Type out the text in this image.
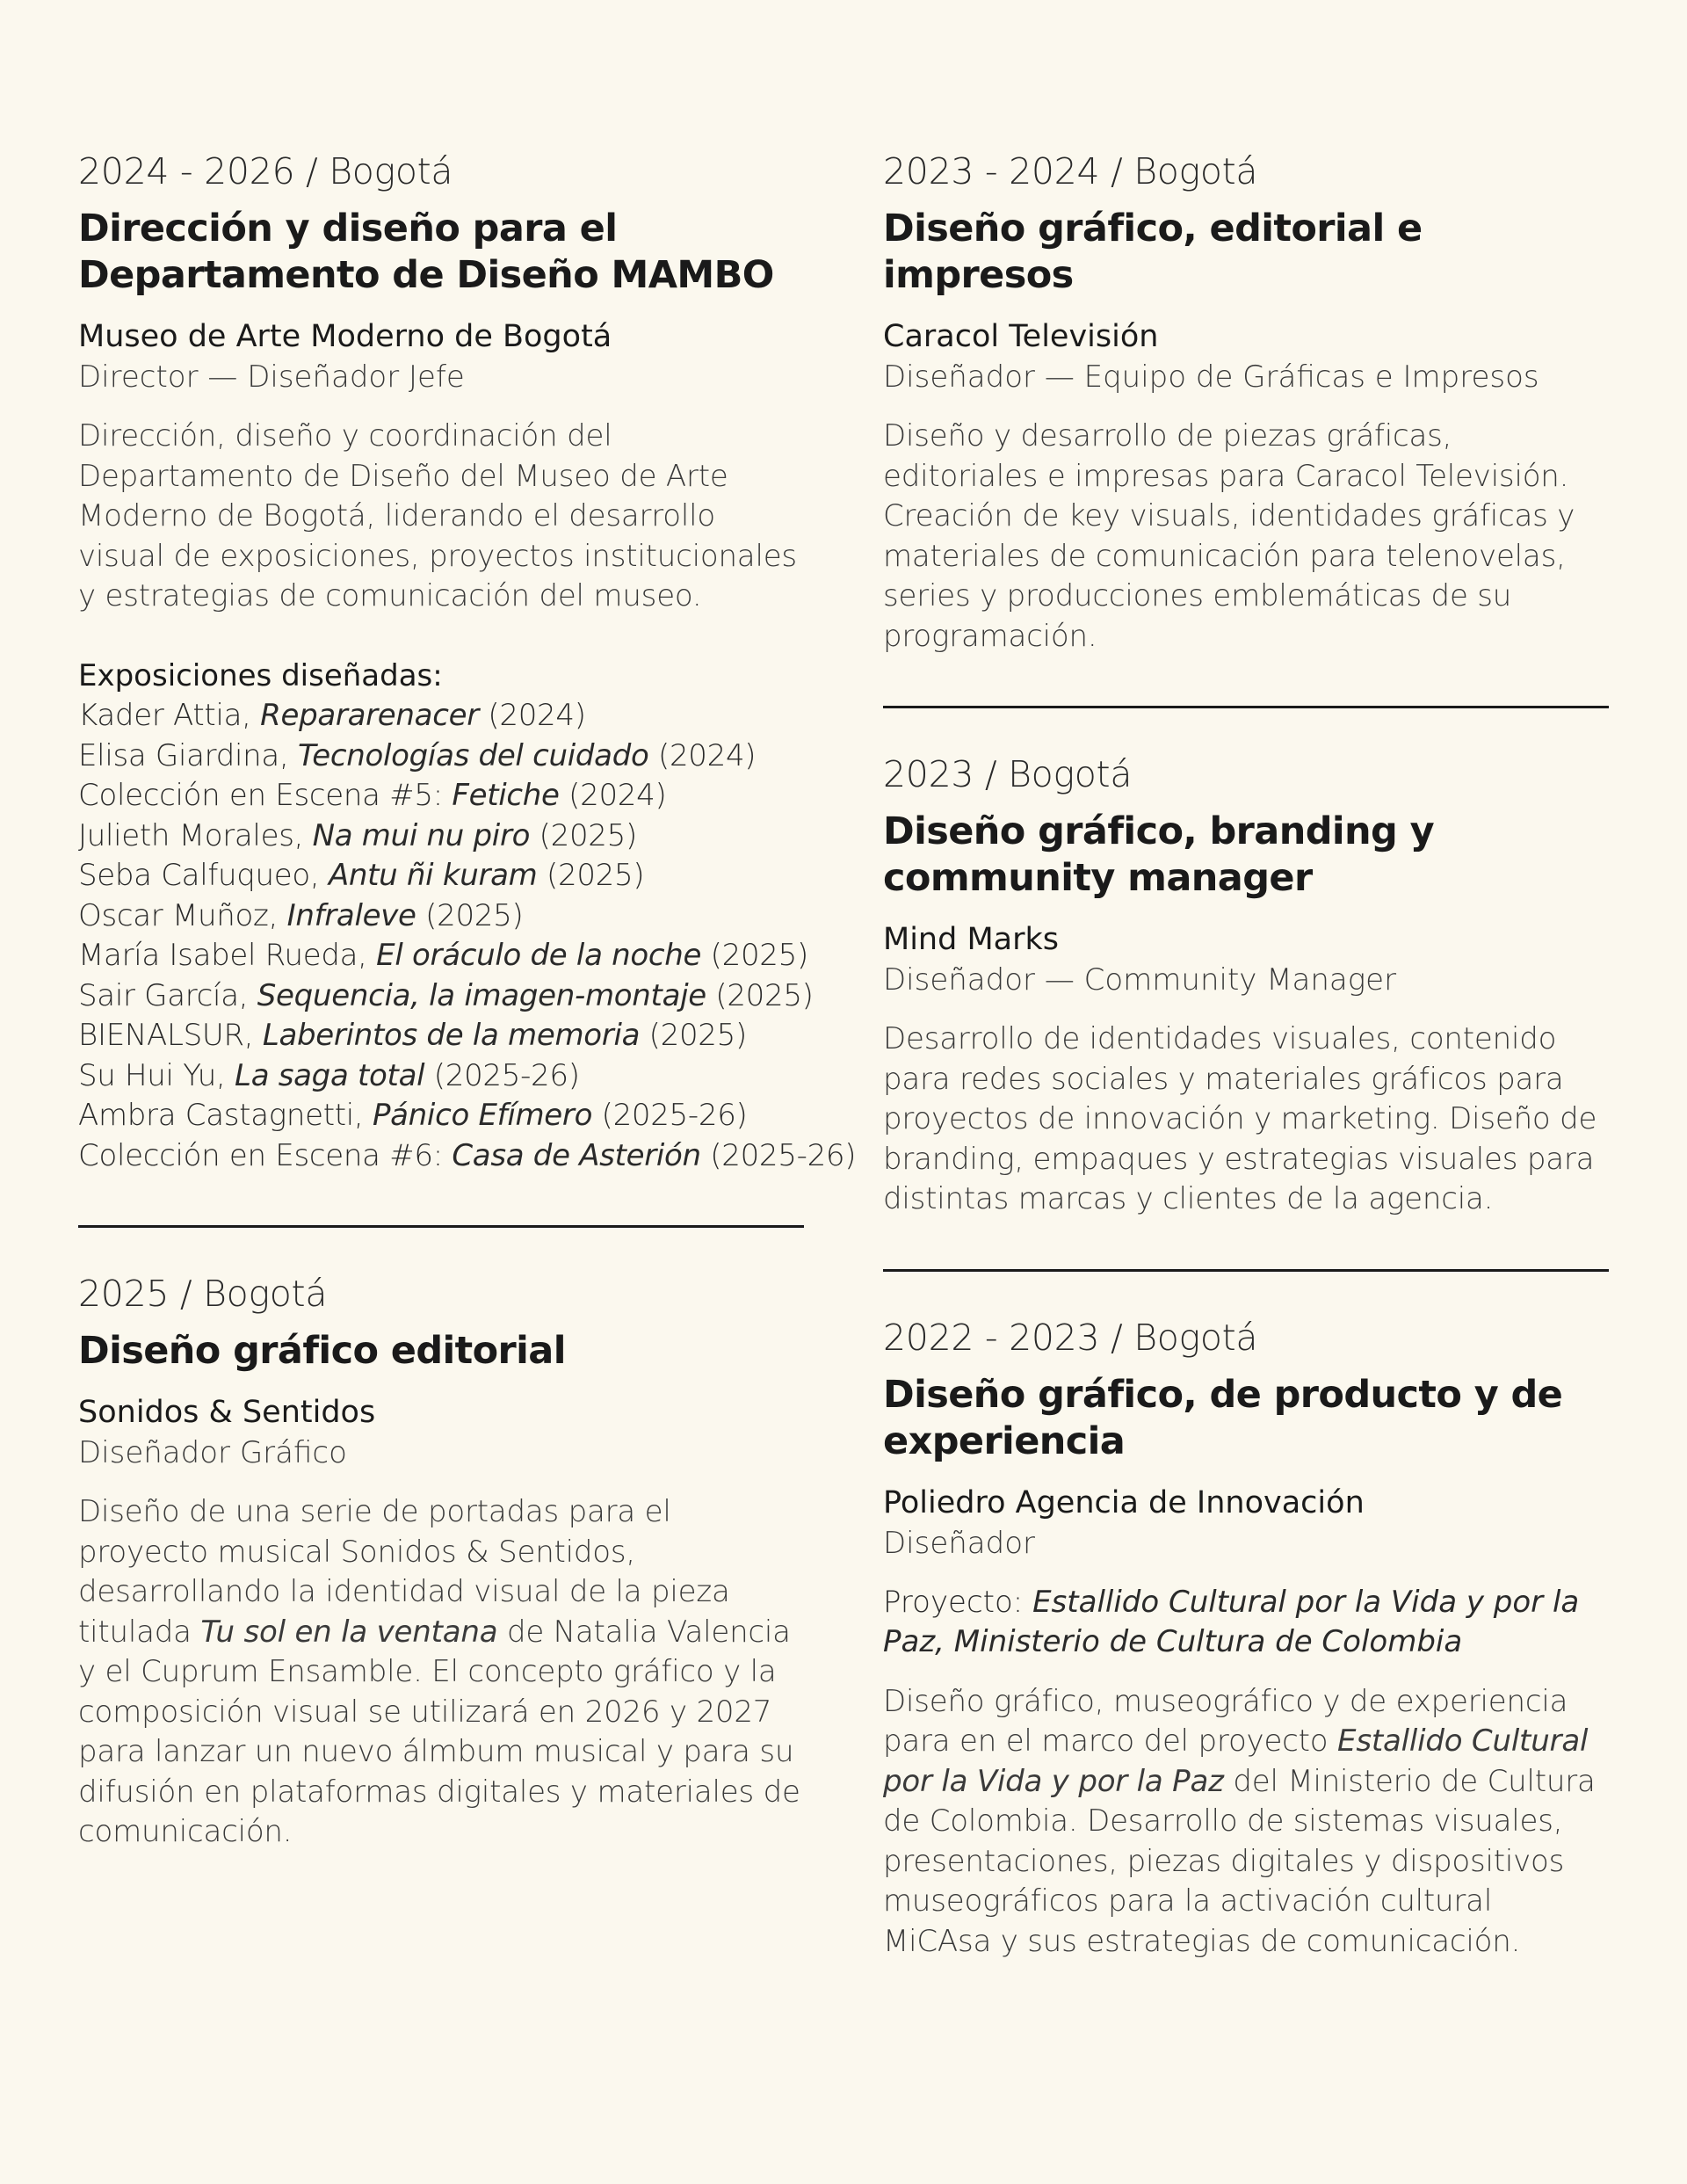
2024 - 2026 / Bogotá
Dirección y diseño para el
Departamento de Diseño MAMBO
Museo de Arte Moderno de Bogotá
Director — Diseñador Jefe
Dirección, diseño y coordinación del Departamento de Diseño del Museo de Arte Moderno de Bogotá, liderando el desarrollo visual de exposiciones, proyectos institucionales y estrategias de comunicación del museo.
Exposiciones diseñadas:
Kader Attia, Repararenacer (2024)
Elisa Giardina, Tecnologías del cuidado (2024)
Colección en Escena #5: Fetiche (2024)
Julieth Morales, Na mui nu piro (2025)
Seba Calfuqueo, Antu ñi kuram (2025)
Oscar Muñoz, Infraleve (2025)
María Isabel Rueda, El oráculo de la noche (2025)
Sair García, Sequencia, la imagen-montaje (2025)
BIENALSUR, Laberintos de la memoria (2025)
Su Hui Yu, La saga total (2025-26)
Ambra Castagnetti, Pánico Efímero (2025-26)
Colección en Escena #6: Casa de Asterión (2025-26)
2025 / Bogotá
Diseño gráfico editorial
Sonidos & Sentidos
Diseñador Gráfico
Diseño de una serie de portadas para el proyecto musical Sonidos & Sentidos, desarrollando la identidad visual de la pieza titulada Tu sol en la ventana de Natalia Valencia y el Cuprum Ensamble. El concepto gráfico y la composición visual se utilizará en 2026 y 2027 para lanzar un nuevo álmbum musical y para su difusión en plataformas digitales y materiales de comunicación.
2023 - 2024 / Bogotá
Diseño gráfico, editorial e impresos
Caracol Televisión
Diseñador — Equipo de Gráficas e Impresos
Diseño y desarrollo de piezas gráficas, editoriales e impresas para Caracol Televisión. Creación de key visuals, identidades gráficas y materiales de comunicación para telenovelas, series y producciones emblemáticas de su programación.
2023 / Bogotá
Diseño gráfico, branding y
community manager
Mind Marks
Diseñador — Community Manager
Desarrollo de identidades visuales, contenido para redes sociales y materiales gráficos para proyectos de innovación y marketing. Diseño de branding, empaques y estrategias visuales para distintas marcas y clientes de la agencia.
2022 - 2023 / Bogotá
Diseño gráfico, de producto y de
experiencia
Poliedro Agencia de Innovación
Diseñador
Proyecto: Estallido Cultural por la Vida y por la Paz, Ministerio de Cultura de Colombia
Diseño gráfico, museográfico y de experiencia para en el marco del proyecto Estallido Cultural por la Vida y por la Paz del Ministerio de Cultura de Colombia. Desarrollo de sistemas visuales, presentaciones, piezas digitales y dispositivos museográficos para la activación cultural MiCAsa y sus estrategias de comunicación.
